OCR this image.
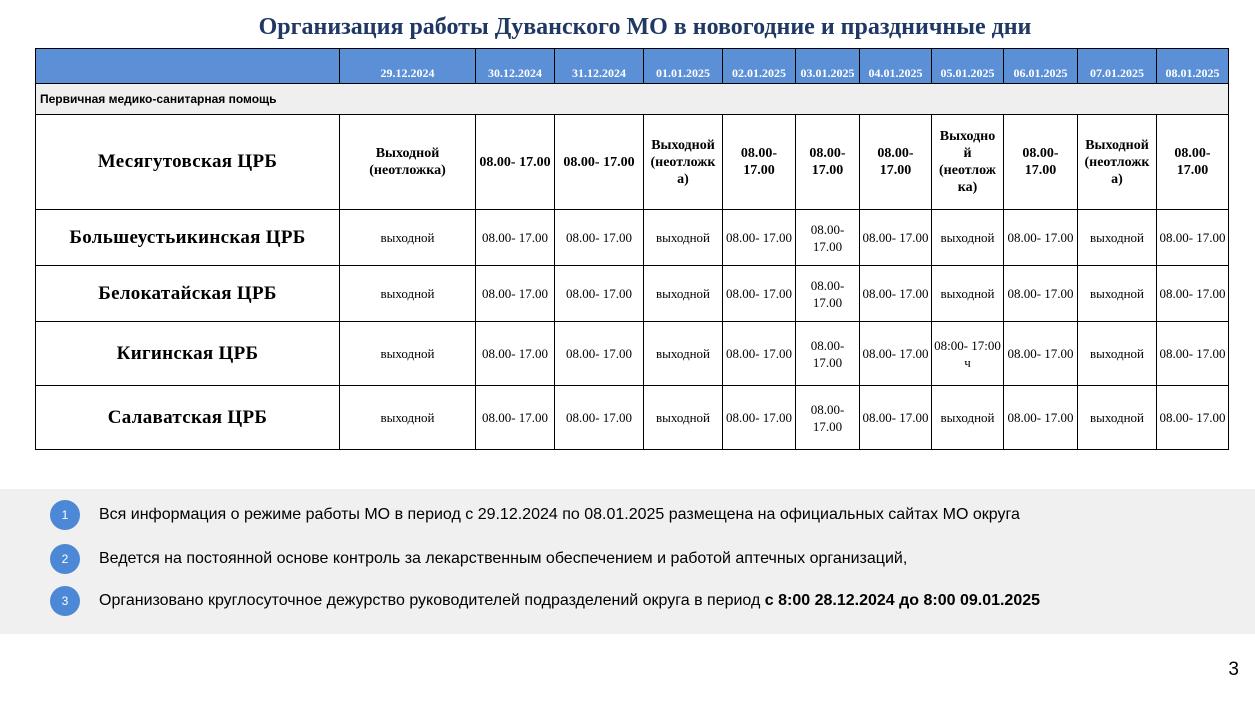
Организация работы Дуванского МО в новогодние и праздничные дни
	29.12.2024	30.12.2024	31.12.2024	01.01.2025	02.01.2025	03.01.2025	04.01.2025	05.01.2025	06.01.2025	07.01.2025	08.01.2025
Первичная медико-санитарная помощь											
Месягутовская ЦРБ	Выходной (неотложка)	08.00- 17.00	08.00- 17.00	Выходной (неотложк а)	08.00- 17.00	08.00- 17.00	08.00- 17.00	Выходно й (неотлож ка)	08.00- 17.00	Выходной (неотложк а)	08.00- 17.00
Большеустьикинская ЦРБ	выходной	08.00- 17.00	08.00- 17.00	выходной	08.00- 17.00	08.00- 17.00	08.00- 17.00	выходной	08.00- 17.00	выходной	08.00- 17.00
Белокатайская ЦРБ	выходной	08.00- 17.00	08.00- 17.00	выходной	08.00- 17.00	08.00- 17.00	08.00- 17.00	выходной	08.00- 17.00	выходной	08.00- 17.00
Кигинская ЦРБ	выходной	08.00- 17.00	08.00- 17.00	выходной	08.00- 17.00	08.00- 17.00	08.00- 17.00	08:00- 17:00 ч	08.00- 17.00	выходной	08.00- 17.00
Салаватская ЦРБ	выходной	08.00- 17.00	08.00- 17.00	выходной	08.00- 17.00	08.00- 17.00	08.00- 17.00	выходной	08.00- 17.00	выходной	08.00- 17.00
1	Вся информация о режиме работы МО в период с 29.12.2024 по 08.01.2025 размещена на официальных сайтах МО округа
2	Ведется на постоянной основе контроль за лекарственным обеспечением и работой аптечных организаций,
3	Организовано круглосуточное дежурство руководителей подразделений округа в период с 8:00 28.12.2024 до 8:00 09.01.2025
3
